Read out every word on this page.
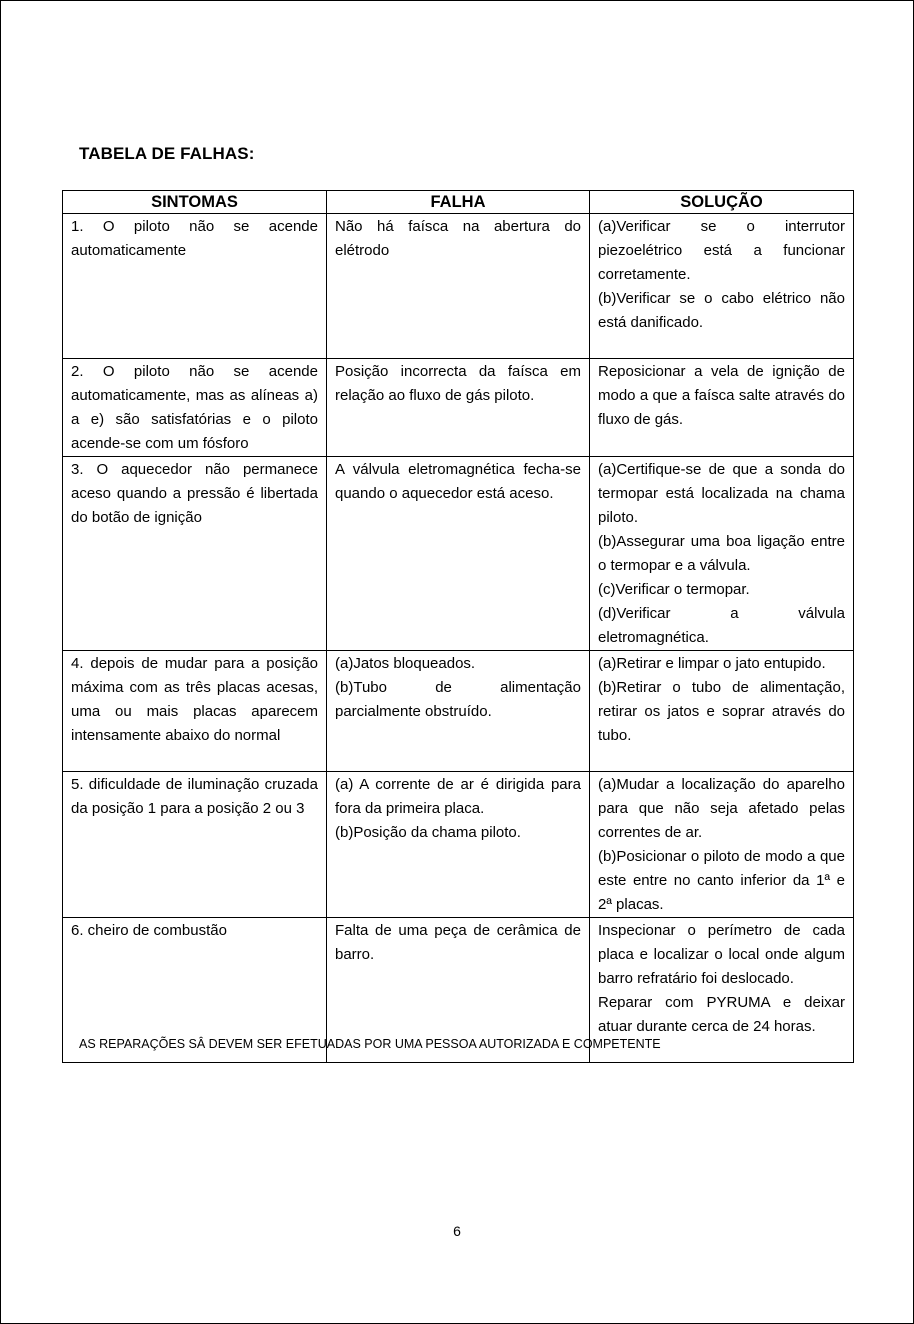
TABELA DE FALHAS:
SINTOMAS	FALHA	SOLUÇÃO

1. O piloto não se acende automaticamente	Não há faísca na abertura do elétrodo	(a)Verificar se o interrutor piezoelétrico está a funcionar corretamente.
(b)Verificar se o cabo elétrico não está danificado.

2. O piloto não se acende automaticamente, mas as alíneas a) a e) são satisfatórias e o piloto acende-se com um fósforo	Posição incorrecta da faísca em relação ao fluxo de gás piloto.	Reposicionar a vela de ignição de modo a que a faísca salte através do fluxo de gás.

3. O aquecedor não permanece aceso quando a pressão é libertada do botão de ignição	A válvula eletromagnética fecha-se quando o aquecedor está aceso.	(a)Certifique-se de que a sonda do termopar está localizada na chama piloto.
(b)Assegurar uma boa ligação entre o termopar e a válvula.
(c)Verificar o termopar.
(d)Verificar a válvula eletromagnética.

4. depois de mudar para a posição máxima com as três placas acesas, uma ou mais placas aparecem intensamente abaixo do normal	(a)Jatos bloqueados.
(b)Tubo de alimentação parcialmente obstruído.	(a)Retirar e limpar o jato entupido.
(b)Retirar o tubo de alimentação, retirar os jatos e soprar através do tubo.

5. dificuldade de iluminação cruzada da posição 1 para a posição 2 ou 3	(a) A corrente de ar é dirigida para fora da primeira placa.
(b)Posição da chama piloto.	(a)Mudar a localização do aparelho para que não seja afetado pelas correntes de ar.
(b)Posicionar o piloto de modo a que este entre no canto inferior da 1ª e 2ª placas.

6. cheiro de combustão	Falta de uma peça de cerâmica de barro.	Inspecionar o perímetro de cada placa e localizar o local onde algum barro refratário foi deslocado.
Reparar com PYRUMA e deixar atuar durante cerca de 24 horas.
AS REPARAÇÕES SÂ DEVEM SER EFETUADAS POR UMA PESSOA AUTORIZADA E COMPETENTE
6
